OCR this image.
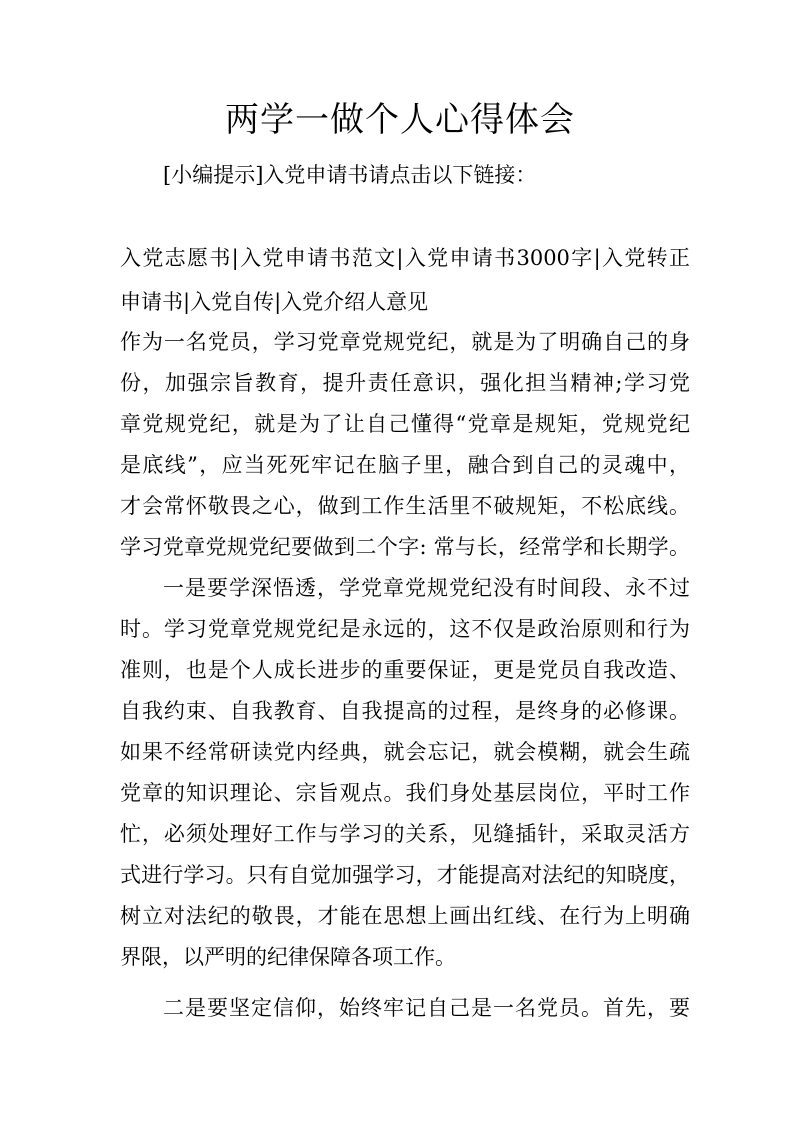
两学一做个人心得体会
[小编提示]入党申请书请点击以下链接：
入党志愿书|入党申请书范文|入党申请书3000字|入党转正
申请书|入党自传|入党介绍人意见
作为一名党员，学习党章党规党纪，就是为了明确自己的身
份，加强宗旨教育，提升责任意识，强化担当精神;学习党
章党规党纪，就是为了让自己懂得“党章是规矩，党规党纪
是底线”，应当死死牢记在脑子里，融合到自己的灵魂中，
才会常怀敬畏之心，做到工作生活里不破规矩，不松底线。
学习党章党规党纪要做到二个字: 常与长，经常学和长期学。
一是要学深悟透，学党章党规党纪没有时间段、永不过
时。学习党章党规党纪是永远的，这不仅是政治原则和行为
准则，也是个人成长进步的重要保证，更是党员自我改造、
自我约束、自我教育、自我提高的过程，是终身的必修课。
如果不经常研读党内经典，就会忘记，就会模糊，就会生疏
党章的知识理论、宗旨观点。我们身处基层岗位，平时工作
忙，必须处理好工作与学习的关系，见缝插针，采取灵活方
式进行学习。只有自觉加强学习，才能提高对法纪的知晓度，
树立对法纪的敬畏，才能在思想上画出红线、在行为上明确
界限，以严明的纪律保障各项工作。
二是要坚定信仰，始终牢记自己是一名党员。首先，要
